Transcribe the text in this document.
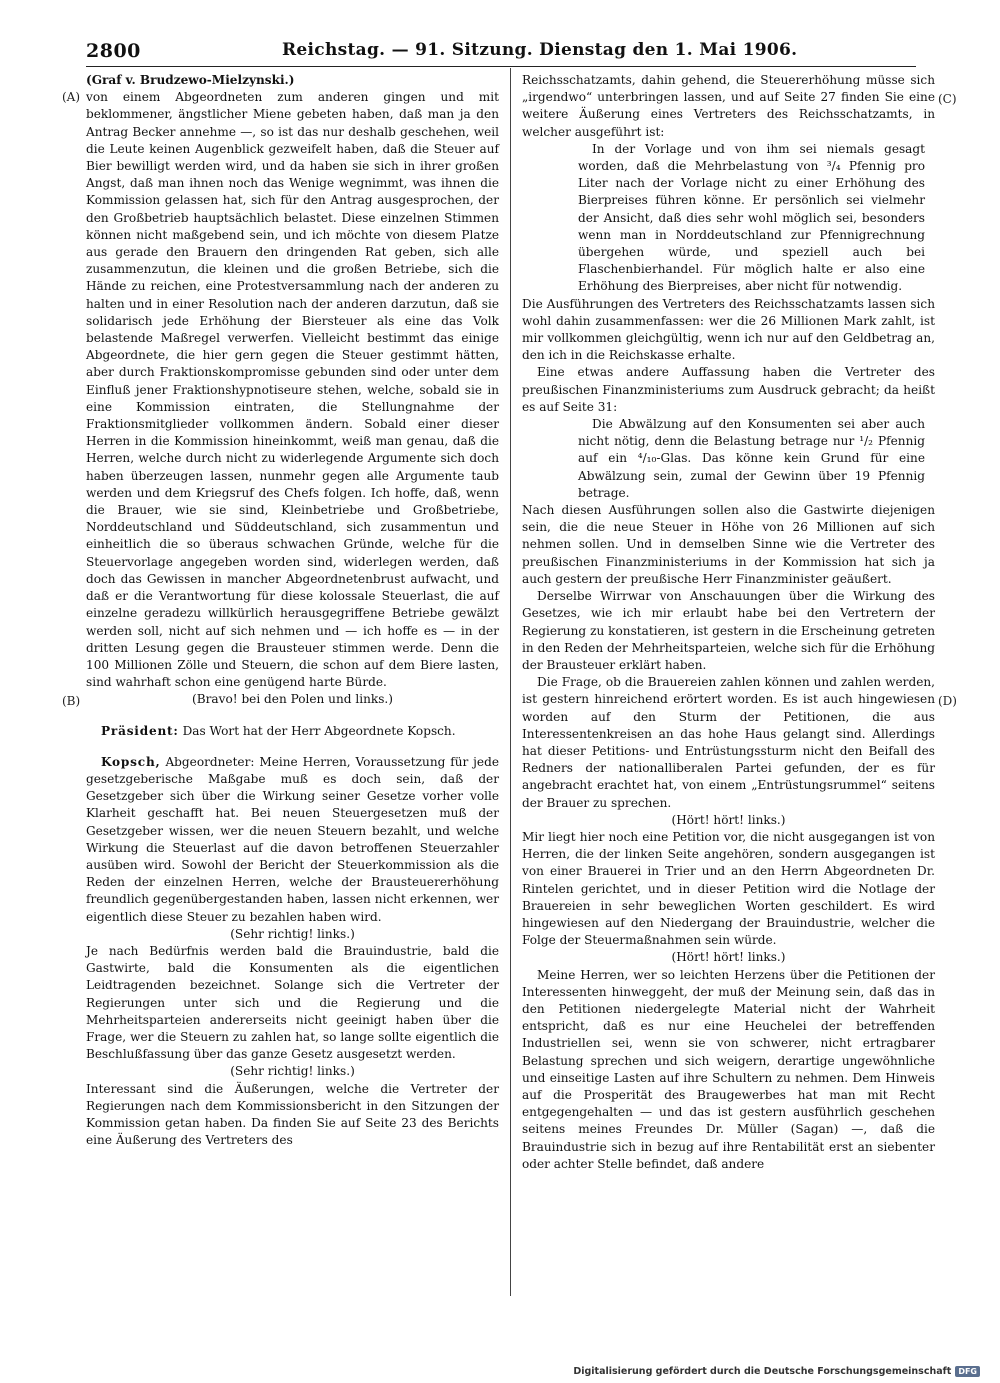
2800	Reichstag. — 91. Sitzung. Dienstag den 1. Mai 1906.
(A)
(B)
(C)
(D)

(Graf v. Brudzewo-Mielzynski.)

von einem Abgeordneten zum anderen gingen und mit beklommener, ängstlicher Miene gebeten haben, daß man ja den Antrag Becker annehme —, so ist das nur deshalb geschehen, weil die Leute keinen Augenblick gezweifelt haben, daß die Steuer auf Bier bewilligt werden wird, und da haben sie sich in ihrer großen Angst, daß man ihnen noch das Wenige wegnimmt, was ihnen die Kommission gelassen hat, sich für den Antrag ausgesprochen, der den Großbetrieb hauptsächlich belastet. Diese einzelnen Stimmen können nicht maßgebend sein, und ich möchte von diesem Platze aus gerade den Brauern den dringenden Rat geben, sich alle zusammenzutun, die kleinen und die großen Betriebe, sich die Hände zu reichen, eine Protestversammlung nach der anderen zu halten und in einer Resolution nach der anderen darzutun, daß sie solidarisch jede Erhöhung der Biersteuer als eine das Volk belastende Maßregel verwerfen. Vielleicht bestimmt das einige Abgeordnete, die hier gern gegen die Steuer gestimmt hätten, aber durch Fraktionskompromisse gebunden sind oder unter dem Einfluß jener Fraktionshypnotiseure stehen, welche, sobald sie in eine Kommission eintraten, die Stellungnahme der Fraktionsmitglieder vollkommen ändern. Sobald einer dieser Herren in die Kommission hineinkommt, weiß man genau, daß die Herren, welche durch nicht zu widerlegende Argumente sich doch haben überzeugen lassen, nunmehr gegen alle Argumente taub werden und dem Kriegsruf des Chefs folgen. Ich hoffe, daß, wenn die Brauer, wie sie sind, Kleinbetriebe und Großbetriebe, Norddeutschland und Süddeutschland, sich zusammentun und einheitlich die so überaus schwachen Gründe, welche für die Steuervorlage angegeben worden sind, widerlegen werden, daß doch das Gewissen in mancher Abgeordnetenbrust aufwacht, und daß er die Verantwortung für diese kolossale Steuerlast, die auf einzelne geradezu willkürlich herausgegriffene Betriebe gewälzt werden soll, nicht auf sich nehmen und — ich hoffe es — in der dritten Lesung gegen die Brausteuer stimmen werde. Denn die 100 Millionen Zölle und Steuern, die schon auf dem Biere lasten, sind wahrhaft schon eine genügend harte Bürde.

(Bravo! bei den Polen und links.)

Präsident: Das Wort hat der Herr Abgeordnete Kopsch.

Kopsch, Abgeordneter: Meine Herren, Voraussetzung für jede gesetzgeberische Maßgabe muß es doch sein, daß der Gesetzgeber sich über die Wirkung seiner Gesetze vorher volle Klarheit geschafft hat. Bei neuen Steuergesetzen muß der Gesetzgeber wissen, wer die neuen Steuern bezahlt, und welche Wirkung die Steuerlast auf die davon betroffenen Steuerzahler ausüben wird. Sowohl der Bericht der Steuerkommission als die Reden der einzelnen Herren, welche der Brausteuererhöhung freundlich gegenübergestanden haben, lassen nicht erkennen, wer eigentlich diese Steuer zu bezahlen haben wird.

(Sehr richtig! links.)

Je nach Bedürfnis werden bald die Brauindustrie, bald die Gastwirte, bald die Konsumenten als die eigentlichen Leidtragenden bezeichnet. Solange sich die Vertreter der Regierungen unter sich und die Regierung und die Mehrheitsparteien andererseits nicht geeinigt haben über die Frage, wer die Steuern zu zahlen hat, so lange sollte eigentlich die Beschlußfassung über das ganze Gesetz ausgesetzt werden.

(Sehr richtig! links.)

Interessant sind die Äußerungen, welche die Vertreter der Regierungen nach dem Kommissionsbericht in den Sitzungen der Kommission getan haben. Da finden Sie auf Seite 23 des Berichts eine Äußerung des Vertreters des

Reichsschatzamts, dahin gehend, die Steuererhöhung müsse sich „irgendwo“ unterbringen lassen, und auf Seite 27 finden Sie eine weitere Äußerung eines Vertreters des Reichsschatzamts, in welcher ausgeführt ist:

In der Vorlage und von ihm sei niemals gesagt worden, daß die Mehrbelastung von ³/₄ Pfennig pro Liter nach der Vorlage nicht zu einer Erhöhung des Bierpreises führen könne. Er persönlich sei vielmehr der Ansicht, daß dies sehr wohl möglich sei, besonders wenn man in Norddeutschland zur Pfennigrechnung übergehen würde, und speziell auch bei Flaschenbierhandel. Für möglich halte er also eine Erhöhung des Bierpreises, aber nicht für notwendig.

Die Ausführungen des Vertreters des Reichsschatzamts lassen sich wohl dahin zusammenfassen: wer die 26 Millionen Mark zahlt, ist mir vollkommen gleichgültig, wenn ich nur auf den Geldbetrag an, den ich in die Reichskasse erhalte.

Eine etwas andere Auffassung haben die Vertreter des preußischen Finanzministeriums zum Ausdruck gebracht; da heißt es auf Seite 31:

Die Abwälzung auf den Konsumenten sei aber auch nicht nötig, denn die Belastung betrage nur ¹/₂ Pfennig auf ein ⁴/₁₀-Glas. Das könne kein Grund für eine Abwälzung sein, zumal der Gewinn über 19 Pfennig betrage.

Nach diesen Ausführungen sollen also die Gastwirte diejenigen sein, die die neue Steuer in Höhe von 26 Millionen auf sich nehmen sollen. Und in demselben Sinne wie die Vertreter des preußischen Finanzministeriums in der Kommission hat sich ja auch gestern der preußische Herr Finanzminister geäußert.

Derselbe Wirrwar von Anschauungen über die Wirkung des Gesetzes, wie ich mir erlaubt habe bei den Vertretern der Regierung zu konstatieren, ist gestern in die Erscheinung getreten in den Reden der Mehrheitsparteien, welche sich für die Erhöhung der Brausteuer erklärt haben.

Die Frage, ob die Brauereien zahlen können und zahlen werden, ist gestern hinreichend erörtert worden. Es ist auch hingewiesen worden auf den Sturm der Petitionen, die aus Interessentenkreisen an das hohe Haus gelangt sind. Allerdings hat dieser Petitions- und Entrüstungssturm nicht den Beifall des Redners der nationalliberalen Partei gefunden, der es für angebracht erachtet hat, von einem „Entrüstungsrummel“ seitens der Brauer zu sprechen.

(Hört! hört! links.)

Mir liegt hier noch eine Petition vor, die nicht ausgegangen ist von Herren, die der linken Seite angehören, sondern ausgegangen ist von einer Brauerei in Trier und an den Herrn Abgeordneten Dr. Rintelen gerichtet, und in dieser Petition wird die Notlage der Brauereien in sehr beweglichen Worten geschildert. Es wird hingewiesen auf den Niedergang der Brauindustrie, welcher die Folge der Steuermaßnahmen sein würde.

(Hört! hört! links.)

Meine Herren, wer so leichten Herzens über die Petitionen der Interessenten hinweggeht, der muß der Meinung sein, daß das in den Petitionen niedergelegte Material nicht der Wahrheit entspricht, daß es nur eine Heuchelei der betreffenden Industriellen sei, wenn sie von schwerer, nicht ertragbarer Belastung sprechen und sich weigern, derartige ungewöhnliche und einseitige Lasten auf ihre Schultern zu nehmen. Dem Hinweis auf die Prosperität des Braugewerbes hat man mit Recht entgegengehalten — und das ist gestern ausführlich geschehen seitens meines Freundes Dr. Müller (Sagan) —, daß die Brauindustrie sich in bezug auf ihre Rentabilität erst an siebenter oder achter Stelle befindet, daß andere

Digitalisierung gefördert durch die Deutsche Forschungsgemeinschaft DFG
